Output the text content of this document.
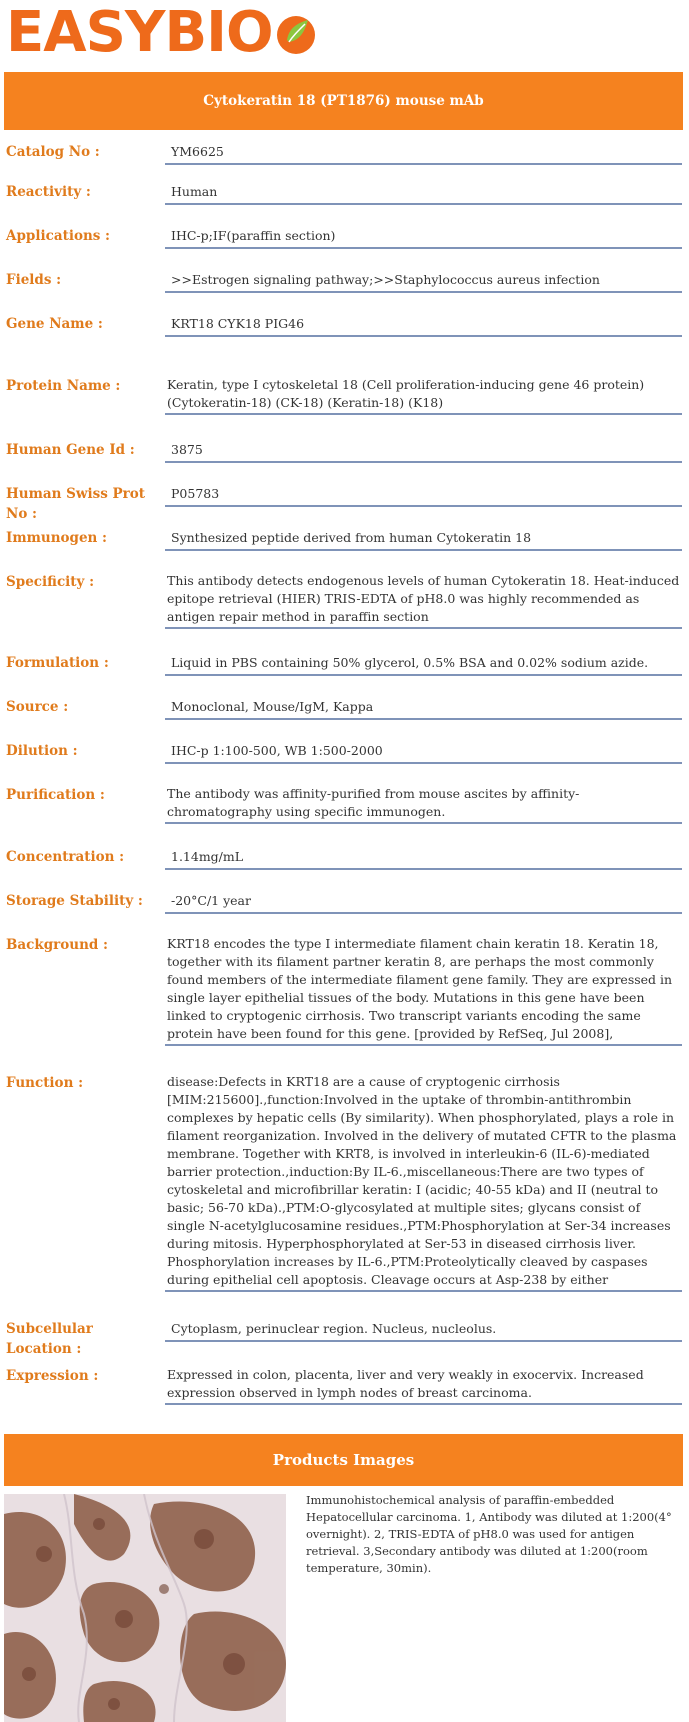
EASYBIO
Cytokeratin 18 (PT1876) mouse mAb
Catalog No :	YM6625
Reactivity :	Human
Applications :	IHC-p;IF(paraffin section)
Fields :	>>Estrogen signaling pathway;>>Staphylococcus aureus infection
Gene Name :	KRT18 CYK18 PIG46
Protein Name :	Keratin, type I cytoskeletal 18 (Cell proliferation-inducing gene 46 protein) (Cytokeratin-18) (CK-18) (Keratin-18) (K18)
Human Gene Id :	3875
Human Swiss Prot No :
P05783
Immunogen :	Synthesized peptide derived from human Cytokeratin 18
Specificity :	This antibody detects endogenous levels of human Cytokeratin 18. Heat-induced epitope retrieval (HIER) TRIS-EDTA of pH8.0 was highly recommended as antigen repair method in paraffin section
Formulation :	Liquid in PBS containing 50% glycerol, 0.5% BSA and 0.02% sodium azide.
Source :	Monoclonal, Mouse/IgM, Kappa
Dilution :	IHC-p 1:100-500, WB 1:500-2000
Purification :	The antibody was affinity-purified from mouse ascites by affinity-chromatography using specific immunogen.
Concentration :	1.14mg/mL
Storage Stability :	-20°C/1 year
Background :	KRT18 encodes the type I intermediate filament chain keratin 18. Keratin 18, together with its filament partner keratin 8, are perhaps the most commonly found members of the intermediate filament gene family. They are expressed in single layer epithelial tissues of the body. Mutations in this gene have been linked to cryptogenic cirrhosis. Two transcript variants encoding the same protein have been found for this gene. [provided by RefSeq, Jul 2008],
Function :	disease:Defects in KRT18 are a cause of cryptogenic cirrhosis [MIM:215600].,function:Involved in the uptake of thrombin-antithrombin complexes by hepatic cells (By similarity). When phosphorylated, plays a role in filament reorganization. Involved in the delivery of mutated CFTR to the plasma membrane. Together with KRT8, is involved in interleukin-6 (IL-6)-mediated barrier protection.,induction:By IL-6.,miscellaneous:There are two types of cytoskeletal and microfibrillar keratin: I (acidic; 40-55 kDa) and II (neutral to basic; 56-70 kDa).,PTM:O-glycosylated at multiple sites; glycans consist of single N-acetylglucosamine residues.,PTM:Phosphorylation at Ser-34 increases during mitosis. Hyperphosphorylated at Ser-53 in diseased cirrhosis liver. Phosphorylation increases by IL-6.,PTM:Proteolytically cleaved by caspases during epithelial cell apoptosis. Cleavage occurs at Asp-238 by either
Subcellular Location :
Cytoplasm, perinuclear region. Nucleus, nucleolus.
Expression :	Expressed in colon, placenta, liver and very weakly in exocervix. Increased expression observed in lymph nodes of breast carcinoma.
Products Images
Immunohistochemical analysis of paraffin-embedded Hepatocellular carcinoma. 1, Antibody was diluted at 1:200(4° overnight). 2, TRIS-EDTA of pH8.0 was used for antigen retrieval. 3,Secondary antibody was diluted at 1:200(room temperature, 30min).
